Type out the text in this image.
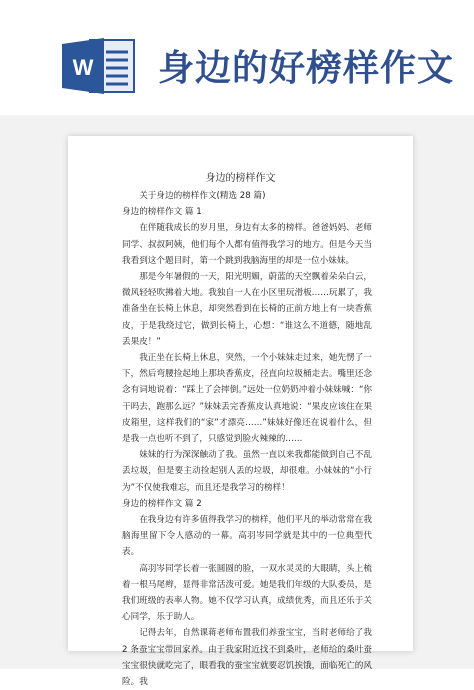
W 身边的好榜样作文
身边的榜样作文
关于身边的榜样作文(精选 28 篇)
身边的榜样作文 篇 1
在伴随我成长的岁月里，身边有太多的榜样。爸爸妈妈、老师同学、叔叔阿姨，他们每个人都有值得我学习的地方。但是今天当我看到这个题目时，第一个跳到我脑海里的却是一位小妹妹。
那是今年暑假的一天，阳光明媚，蔚蓝的天空飘着朵朵白云，微风轻轻吹拂着大地。我独自一人在小区里玩滑板……玩累了，我准备坐在长椅上休息，却突然看到在长椅的正前方地上有一块香蕉皮，于是我绕过它，做到长椅上，心想：“谁这么不道德，随地乱丢果皮！”
我正坐在长椅上休息，突然，一个小妹妹走过来，她先愣了一下，然后弯腰捡起地上那块香蕉皮，径直向垃圾桶走去。嘴里还念念有词地说着：“踩上了会摔倒。”远处一位奶奶冲着小妹妹喊：“你干吗去，跑那么远？”妹妹丢完香蕉皮认真地说：“果皮应该住在果皮箱里，这样我们的“家”才漂亮……”妹妹好像还在说着什么，但是我一点也听不到了，只感觉到脸火辣辣的……
妹妹的行为深深触动了我。虽然一直以来我都能做到自己不乱丢垃圾，但是要主动捡起别人丢的垃圾，却很难。小妹妹的“小行为”不仅使我难忘，而且还是我学习的榜样！
身边的榜样作文 篇 2
在我身边有许多值得我学习的榜样，他们平凡的举动常常在我脑海里留下令人感动的一幕。高羽岑同学就是其中的一位典型代表。
高羽岑同学长着一张圆圆的脸，一双水灵灵的大眼睛，头上梳着一根马尾辫，显得非常活泼可爱。她是我们年级的大队委员，是我们班级的表率人物。她不仅学习认真，成绩优秀，而且还乐于关心同学，乐于助人。
记得去年，自然课蒋老师布置我们养蚕宝宝，当时老师给了我 2 条蚕宝宝带回家养。由于我家附近找不到桑叶，老师给的桑叶蚕宝宝很快就吃完了，眼看我的蚕宝宝就要忍饥挨饿，面临死亡的风险。我
